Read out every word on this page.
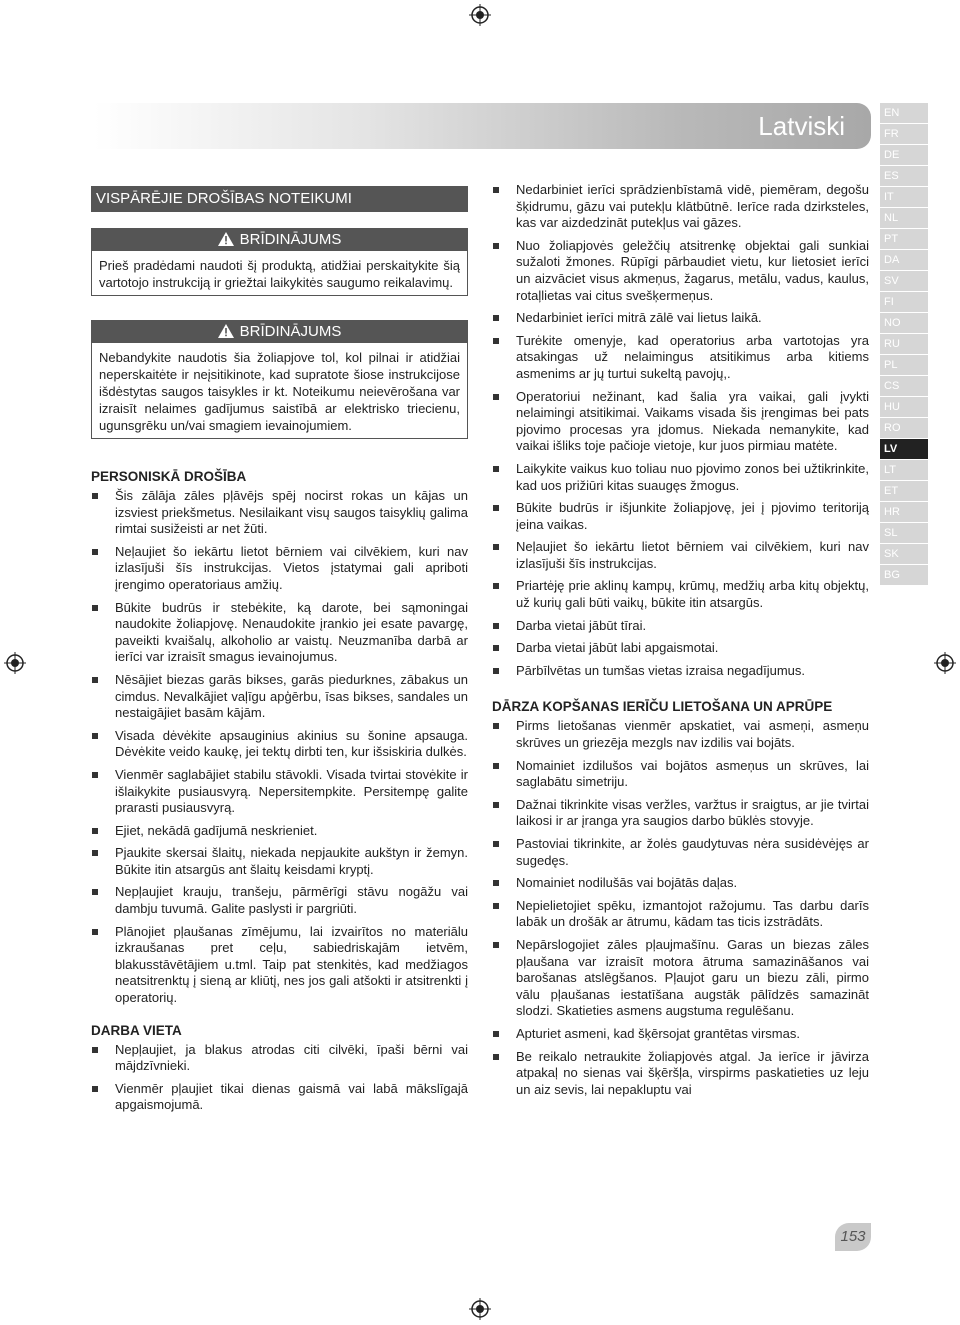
Latviski	EN
FR
DE
ES
IT
NL
PT
DA
SV
FI
NO
RU
PL
CS
HU
RO
LV
LT
ET
HR
SL
SK
BG
VISPĀRĒJIE DROŠĪBAS NOTEIKUMI
BRĪDINĀJUMS
Prieš pradėdami naudoti šį produktą, atidžiai perskaitykite šią vartotojo instrukciją ir griežtai laikykitės saugumo reikalavimų.
BRĪDINĀJUMS
Nebandykite naudotis šia žoliapjove tol, kol pilnai ir atidžiai neperskaitėte ir neįsitikinote, kad supratote šiose instrukcijose išdėstytas saugos taisykles ir kt. Noteikumu neievērošana var izraisīt nelaimes gadījumus saistībā ar elektrisko triecienu, ugunsgrēku un/vai smagiem ievainojumiem.
PERSONISKĀ DROŠĪBA
Šis zālāja zāles pļāvējs spēj nocirst rokas un kājas un izsviest priekšmetus. Nesilaikant visų saugos taisyklių galima rimtai susižeisti ar net žūti.
Neļaujiet šo iekārtu lietot bērniem vai cilvēkiem, kuri nav izlasījuši šīs instrukcijas. Vietos įstatymai gali apriboti įrengimo operatoriaus amžių.
Būkite budrūs ir stebėkite, ką darote, bei sąmoningai naudokite žoliapjovę. Nenaudokite įrankio jei esate pavargę, paveikti kvaišalų, alkoholio ar vaistų. Neuzmanība darbā ar ierīci var izraisīt smagus ievainojumus.
Nēsājiet biezas garās bikses, garās piedurknes, zābakus un cimdus. Nevalkājiet vaļīgu apģērbu, īsas bikses, sandales un nestaigājiet basām kājām.
Visada dėvėkite apsauginius akinius su šonine apsauga. Dėvėkite veido kaukę, jei tektų dirbti ten, kur išsiskiria dulkės.
Vienmēr saglabājiet stabilu stāvokli. Visada tvirtai stovėkite ir išlaikykite pusiausvyrą. Nepersitempkite. Persitempę galite prarasti pusiausvyrą.
Ejiet, nekādā gadījumā neskrieniet.
Pjaukite skersai šlaitų, niekada nepjaukite aukštyn ir žemyn. Būkite itin atsargūs ant šlaitų keisdami kryptį.
Nepļaujiet krauju, tranšeju, pārmērīgi stāvu nogāžu vai dambju tuvumā. Galite paslysti ir pargriūti.
Plānojiet pļaušanas zīmējumu, lai izvairītos no materiālu izkraušanas pret ceļu, sabiedriskajām ietvēm, blakusstāvētājiem u.tml. Taip pat stenkitės, kad medžiagos neatsitrenktų į sieną ar kliūtį, nes jos gali atšokti ir atsitrenkti į operatorių.
DARBA VIETA
Nepļaujiet, ja blakus atrodas citi cilvēki, īpaši bērni vai mājdzīvnieki.
Vienmēr pļaujiet tikai dienas gaismā vai labā mākslīgajā apgaismojumā.
Nedarbiniet ierīci sprādzienbīstamā vidē, piemēram, degošu šķidrumu, gāzu vai putekļu klātbūtnē. Ierīce rada dzirksteles, kas var aizdedzināt putekļus vai gāzes.
Nuo žoliapjovės geležčių atsitrenkę objektai gali sunkiai sužaloti žmones. Rūpīgi pārbaudiet vietu, kur lietosiet ierīci un aizvāciet visus akmeņus, žagarus, metālu, vadus, kaulus, rotaļlietas vai citus svešķermeņus.
Nedarbiniet ierīci mitrā zālē vai lietus laikā.
Turėkite omenyje, kad operatorius arba vartotojas yra atsakingas už nelaimingus atsitikimus arba kitiems asmenims ar jų turtui sukeltą pavojų,.
Operatoriui nežinant, kad šalia yra vaikai, gali įvykti nelaimingi atsitikimai. Vaikams visada šis įrengimas bei pats pjovimo procesas yra įdomus. Niekada nemanykite, kad vaikai išliks toje pačioje vietoje, kur juos pirmiau matėte.
Laikykite vaikus kuo toliau nuo pjovimo zonos bei užtikrinkite, kad uos prižiūri kitas suaugęs žmogus.
Būkite budrūs ir išjunkite žoliapjovę, jei į pjovimo teritoriją įeina vaikas.
Neļaujiet šo iekārtu lietot bērniem vai cilvēkiem, kuri nav izlasījuši šīs instrukcijas.
Priartėję prie aklinų kampų, krūmų, medžių arba kitų objektų, už kurių gali būti vaikų, būkite itin atsargūs.
Darba vietai jābūt tīrai.
Darba vietai jābūt labi apgaismotai.
Pārbīlvētas un tumšas vietas izraisa negadījumus.
DĀRZA KOPŠANAS IERĪČU LIETOŠANA UN APRŪPE
Pirms lietošanas vienmēr apskatiet, vai asmeņi, asmeņu skrūves un griezēja mezgls nav izdilis vai bojāts.
Nomainiet izdilušos vai bojātos asmeņus un skrūves, lai saglabātu simetriju.
Dažnai tikrinkite visas veržles, varžtus ir sraigtus, ar jie tvirtai laikosi ir ar įranga yra saugios darbo būklės stovyje.
Pastoviai tikrinkite, ar žolės gaudytuvas nėra susidėvėjęs ar sugedęs.
Nomainiet nodilušās vai bojātās daļas.
Nepielietojiet spēku, izmantojot ražojumu. Tas darbu darīs labāk un drošāk ar ātrumu, kādam tas ticis izstrādāts.
Nepārslogojiet zāles pļaujmašīnu. Garas un biezas zāles pļaušana var izraisīt motora ātruma samazināšanos vai barošanas atslēgšanos. Pļaujot garu un biezu zāli, pirmo vālu pļaušanas iestatīšana augstāk pālīdzēs samazināt slodzi. Skatieties asmens augstuma regulēšanu.
Apturiet asmeni, kad šķērsojat grantētas virsmas.
Be reikalo netraukite žoliapjovės atgal. Ja ierīce ir jāvirza atpakaļ no sienas vai šķēršļa, virspirms paskatieties uz leju un aiz sevis, lai nepakluptu vai
153
